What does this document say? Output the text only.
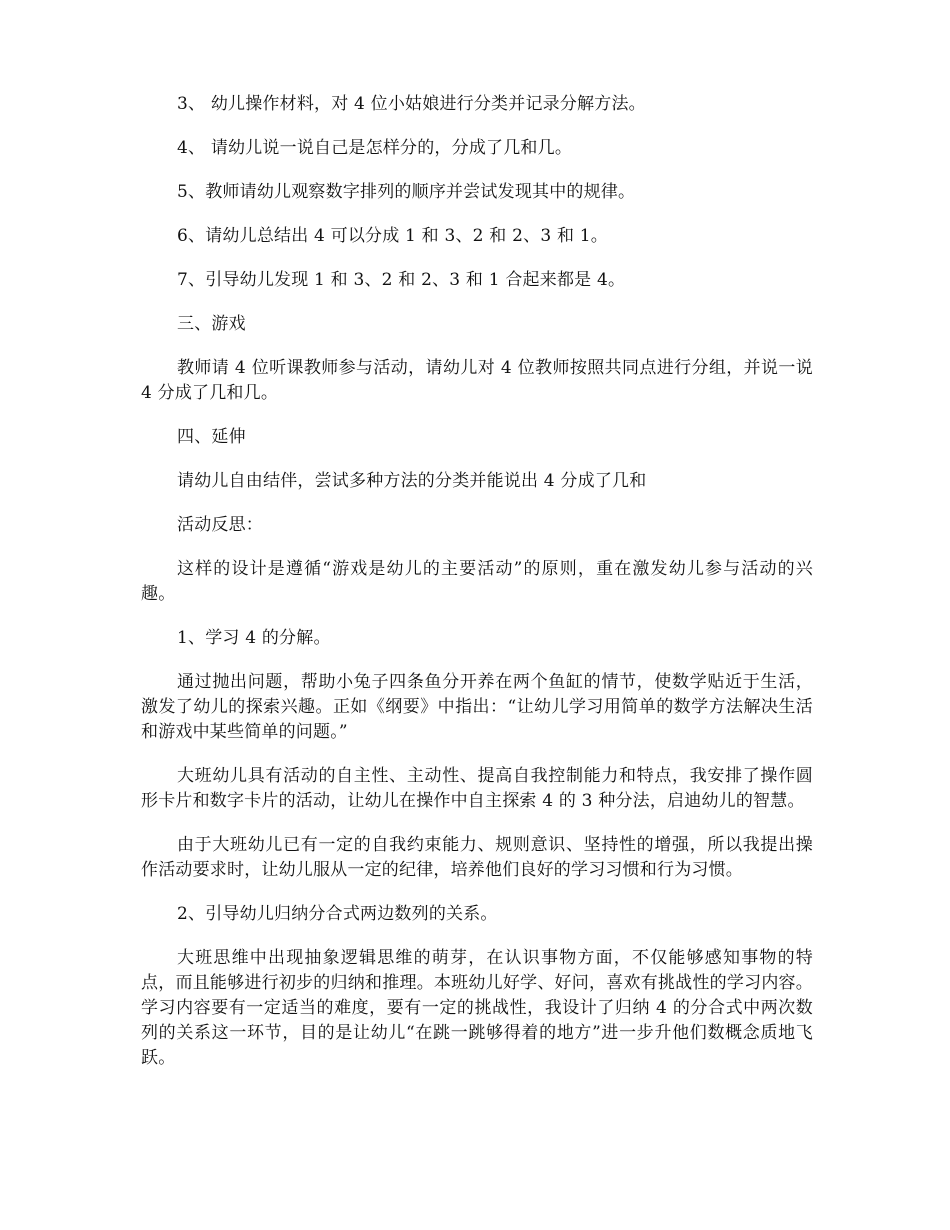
3、 幼儿操作材料，对 4 位小姑娘进行分类并记录分解方法。

4、 请幼儿说一说自己是怎样分的，分成了几和几。

5、教师请幼儿观察数字排列的顺序并尝试发现其中的规律。

6、请幼儿总结出 4 可以分成 1 和 3、2 和 2、3 和 1。

7、引导幼儿发现 1 和 3、2 和 2、3 和 1 合起来都是 4。

三、游戏

教师请 4 位听课教师参与活动，请幼儿对 4 位教师按照共同点进行分组，并说一说 4 分成了几和几。

四、延伸

请幼儿自由结伴，尝试多种方法的分类并能说出 4 分成了几和

活动反思：

这样的设计是遵循“游戏是幼儿的主要活动”的原则，重在激发幼儿参与活动的兴趣。

1、学习 4 的分解。

通过抛出问题，帮助小兔子四条鱼分开养在两个鱼缸的情节，使数学贴近于生活，激发了幼儿的探索兴趣。正如《纲要》中指出：“让幼儿学习用简单的数学方法解决生活和游戏中某些简单的问题。”

大班幼儿具有活动的自主性、主动性、提高自我控制能力和特点，我安排了操作圆形卡片和数字卡片的活动，让幼儿在操作中自主探索 4 的 3 种分法，启迪幼儿的智慧。

由于大班幼儿已有一定的自我约束能力、规则意识、坚持性的增强，所以我提出操作活动要求时，让幼儿服从一定的纪律，培养他们良好的学习习惯和行为习惯。

2、引导幼儿归纳分合式两边数列的关系。

大班思维中出现抽象逻辑思维的萌芽，在认识事物方面，不仅能够感知事物的特点，而且能够进行初步的归纳和推理。本班幼儿好学、好问，喜欢有挑战性的学习内容。学习内容要有一定适当的难度，要有一定的挑战性，我设计了归纳 4 的分合式中两次数列的关系这一环节，目的是让幼儿“在跳一跳够得着的地方”进一步升他们数概念质地飞跃。
